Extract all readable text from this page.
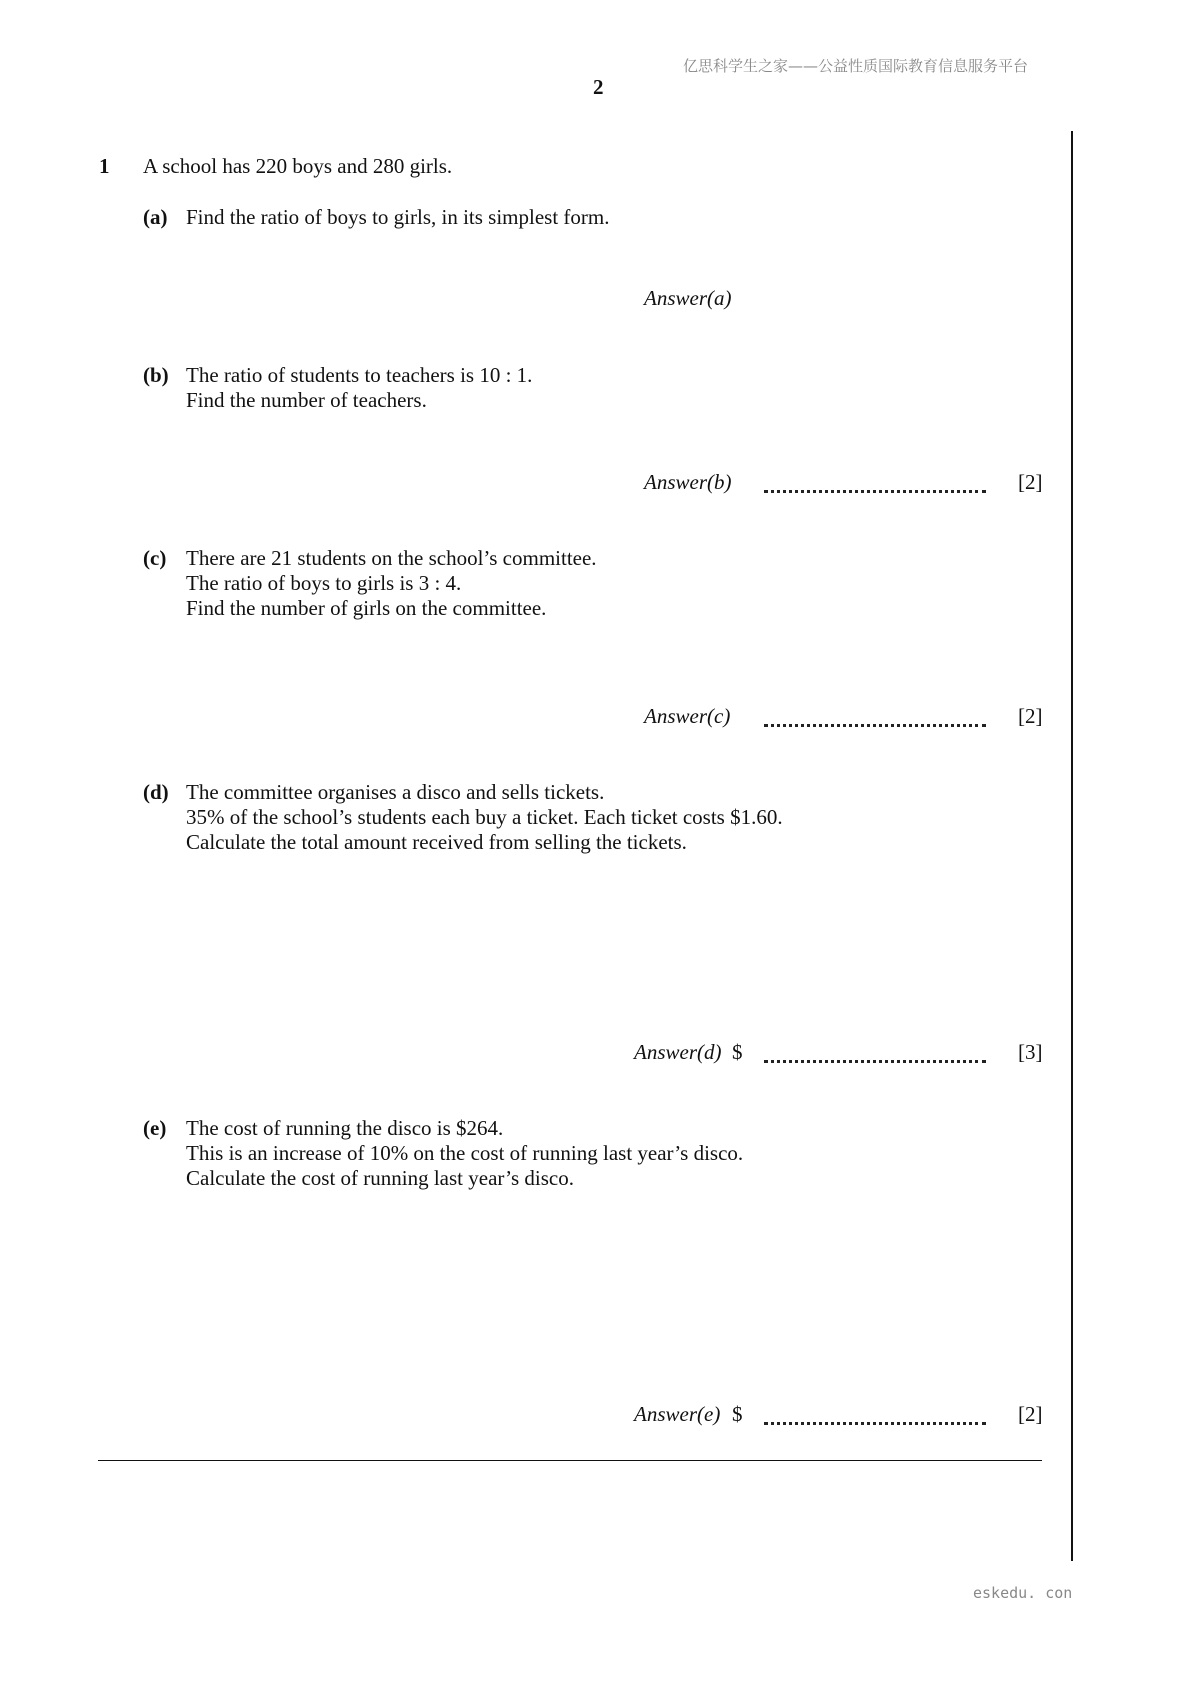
亿思科学生之家——公益性质国际教育信息服务平台
2
1 A school has 220 boys and 280 girls.
(a) Find the ratio of boys to girls, in its simplest form.
Answer(a)
(b) The ratio of students to teachers is 10 : 1.
Find the number of teachers.
Answer(b)	[2]
(c) There are 21 students on the school’s committee.
The ratio of boys to girls is 3 : 4.
Find the number of girls on the committee.
Answer(c)	[2]
(d) The committee organises a disco and sells tickets.
35% of the school’s students each buy a ticket. Each ticket costs $1.60.
Calculate the total amount received from selling the tickets.
Answer(d) $	[3]
(e) The cost of running the disco is $264.
This is an increase of 10% on the cost of running last year’s disco.
Calculate the cost of running last year’s disco.
Answer(e) $	[2]
eskedu. con
